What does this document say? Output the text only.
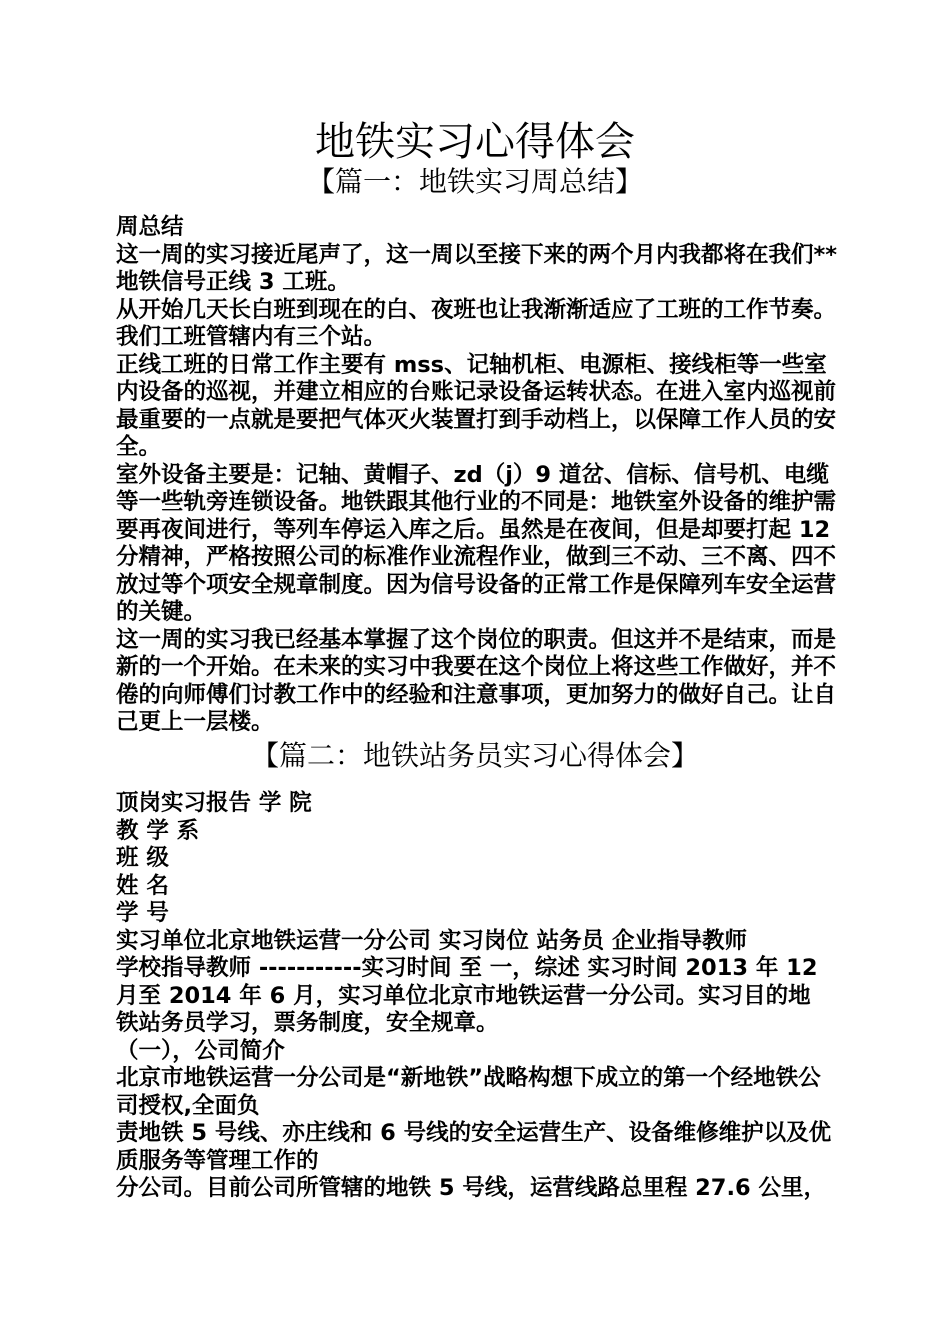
地铁实习心得体会
【篇一：地铁实习周总结】

周总结

这一周的实习接近尾声了，这一周以至接下来的两个月内我都将在我们**地铁信号正线 3 工班。

从开始几天长白班到现在的白、夜班也让我渐渐适应了工班的工作节奏。我们工班管辖内有三个站。

正线工班的日常工作主要有 mss、记轴机柜、电源柜、接线柜等一些室内设备的巡视，并建立相应的台账记录设备运转状态。在进入室内巡视前最重要的一点就是要把气体灭火装置打到手动档上，以保障工作人员的安全。

室外设备主要是：记轴、黄帽子、zd（j）9 道岔、信标、信号机、电缆等一些轨旁连锁设备。地铁跟其他行业的不同是：地铁室外设备的维护需要再夜间进行，等列车停运入库之后。虽然是在夜间，但是却要打起 12 分精神，严格按照公司的标准作业流程作业，做到三不动、三不离、四不放过等个项安全规章制度。因为信号设备的正常工作是保障列车安全运营的关键。

这一周的实习我已经基本掌握了这个岗位的职责。但这并不是结束，而是新的一个开始。在未来的实习中我要在这个岗位上将这些工作做好，并不倦的向师傅们讨教工作中的经验和注意事项，更加努力的做好自己。让自己更上一层楼。

【篇二：地铁站务员实习心得体会】

顶岗实习报告 学 院

教 学 系

班 级

姓 名

学 号

实习单位北京地铁运营一分公司 实习岗位 站务员 企业指导教师

学校指导教师 -----------实习时间 至 一，综述 实习时间 2013 年 12 月至 2014 年 6 月，实习单位北京市地铁运营一分公司。实习目的地 铁站务员学习，票务制度，安全规章。

（一），公司简介

北京市地铁运营一分公司是“新地铁”战略构想下成立的第一个经地铁公司授权,全面负

责地铁 5 号线、亦庄线和 6 号线的安全运营生产、设备维修维护以及优质服务等管理工作的

分公司。目前公司所管辖的地铁 5 号线，运营线路总里程 27.6 公里，
